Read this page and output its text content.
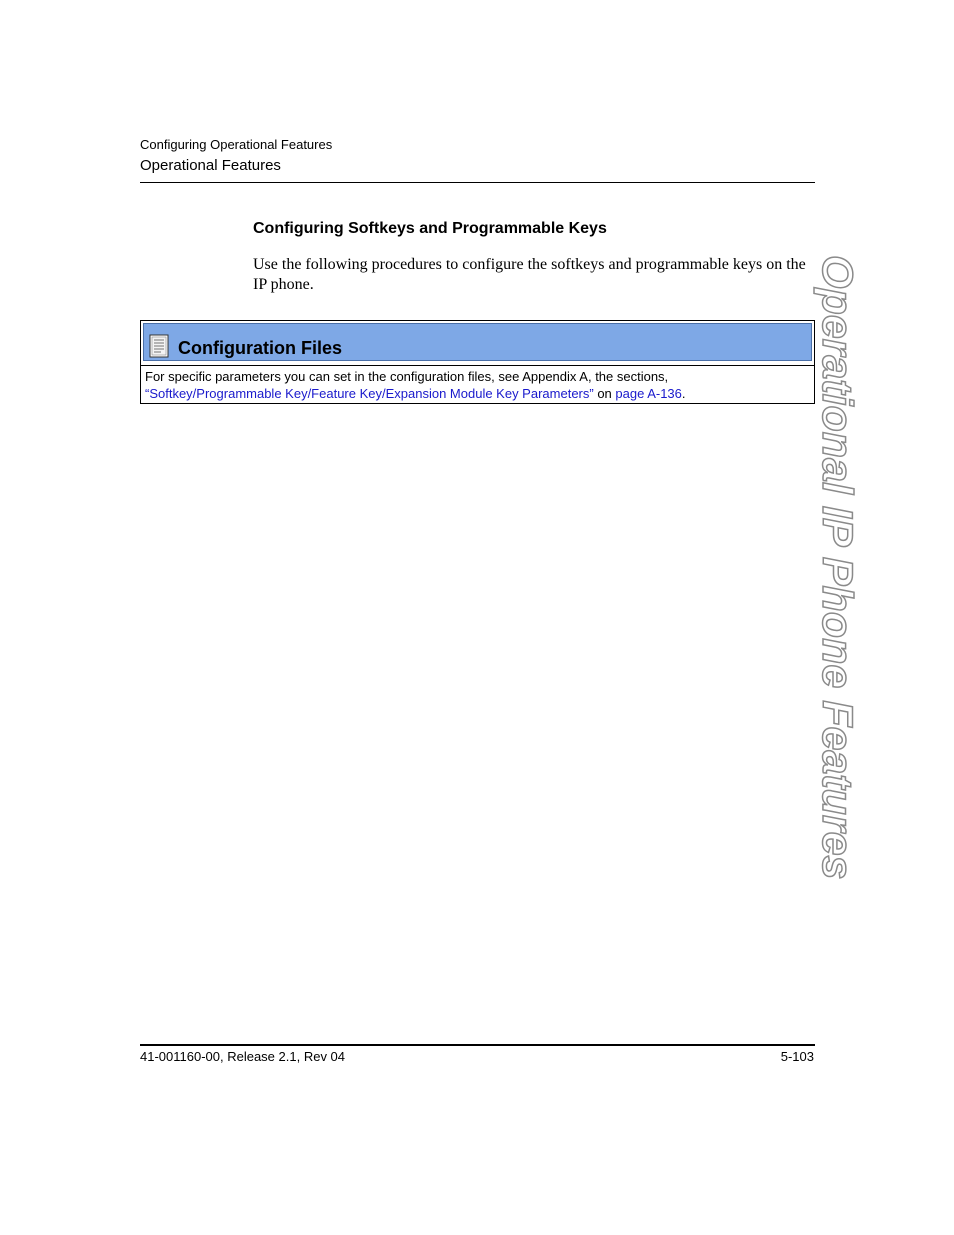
Configuring Operational Features
Operational Features
Configuring Softkeys and Programmable Keys
Use the following procedures to configure the softkeys and programmable keys on the IP phone.
Configuration Files
For specific parameters you can set in the configuration files, see Appendix A, the sections,
“Softkey/Programmable Key/Feature Key/Expansion Module Key Parameters” on page A-136.	Operational IP Phone Features
41-001160-00, Release 2.1, Rev 04	5-103
